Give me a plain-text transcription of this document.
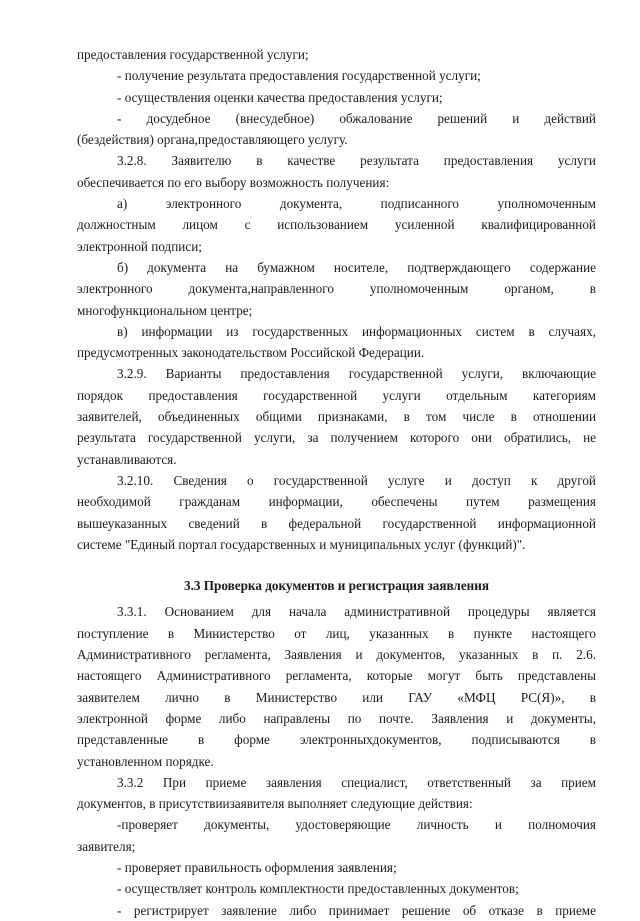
предоставления государственной услуги;
- получение результата предоставления государственной услуги;
- осуществления оценки качества предоставления услуги;
- досудебное (внесудебное) обжалование решений и действий
(бездействия) органа,предоставляющего услугу.
3.2.8. Заявителю в качестве результата предоставления услуги
обеспечивается по его выбору возможность получения:
а) электронного документа, подписанного уполномоченным
должностным лицом с использованием усиленной квалифицированной
электронной подписи;
б) документа на бумажном носителе, подтверждающего содержание
электронного документа,направленного уполномоченным органом, в
многофункциональном центре;
в) информации из государственных информационных систем в случаях,
предусмотренных законодательством Российской Федерации.
3.2.9. Варианты предоставления государственной услуги, включающие
порядок предоставления государственной услуги отдельным категориям
заявителей, объединенных общими признаками, в том числе в отношении
результата государственной услуги, за получением которого они обратились, не
устанавливаются.
3.2.10. Сведения о государственной услуге и доступ к другой
необходимой гражданам информации, обеспечены путем размещения
вышеуказанных сведений в федеральной государственной информационной
системе "Единый портал государственных и муниципальных услуг (функций)".
3.3 Проверка документов и регистрация заявления
3.3.1. Основанием для начала административной процедуры является
поступление в Министерство от лиц, указанных в пункте настоящего
Административного регламента, Заявления и документов, указанных в п. 2.6.
настоящего Административного регламента, которые могут быть представлены
заявителем лично в Министерство или ГАУ «МФЦ РС(Я)», в
электронной форме либо направлены по почте. Заявления и документы,
представленные в форме электронныхдокументов, подписываются в
установленном порядке.
3.3.2 При приеме заявления специалист, ответственный за прием
документов, в присутствиизаявителя выполняет следующие действия:
-проверяет документы, удостоверяющие личность и полномочия
заявителя;
- проверяет правильность оформления заявления;
- осуществляет контроль комплектности предоставленных документов;
- регистрирует заявление либо принимает решение об отказе в приеме
